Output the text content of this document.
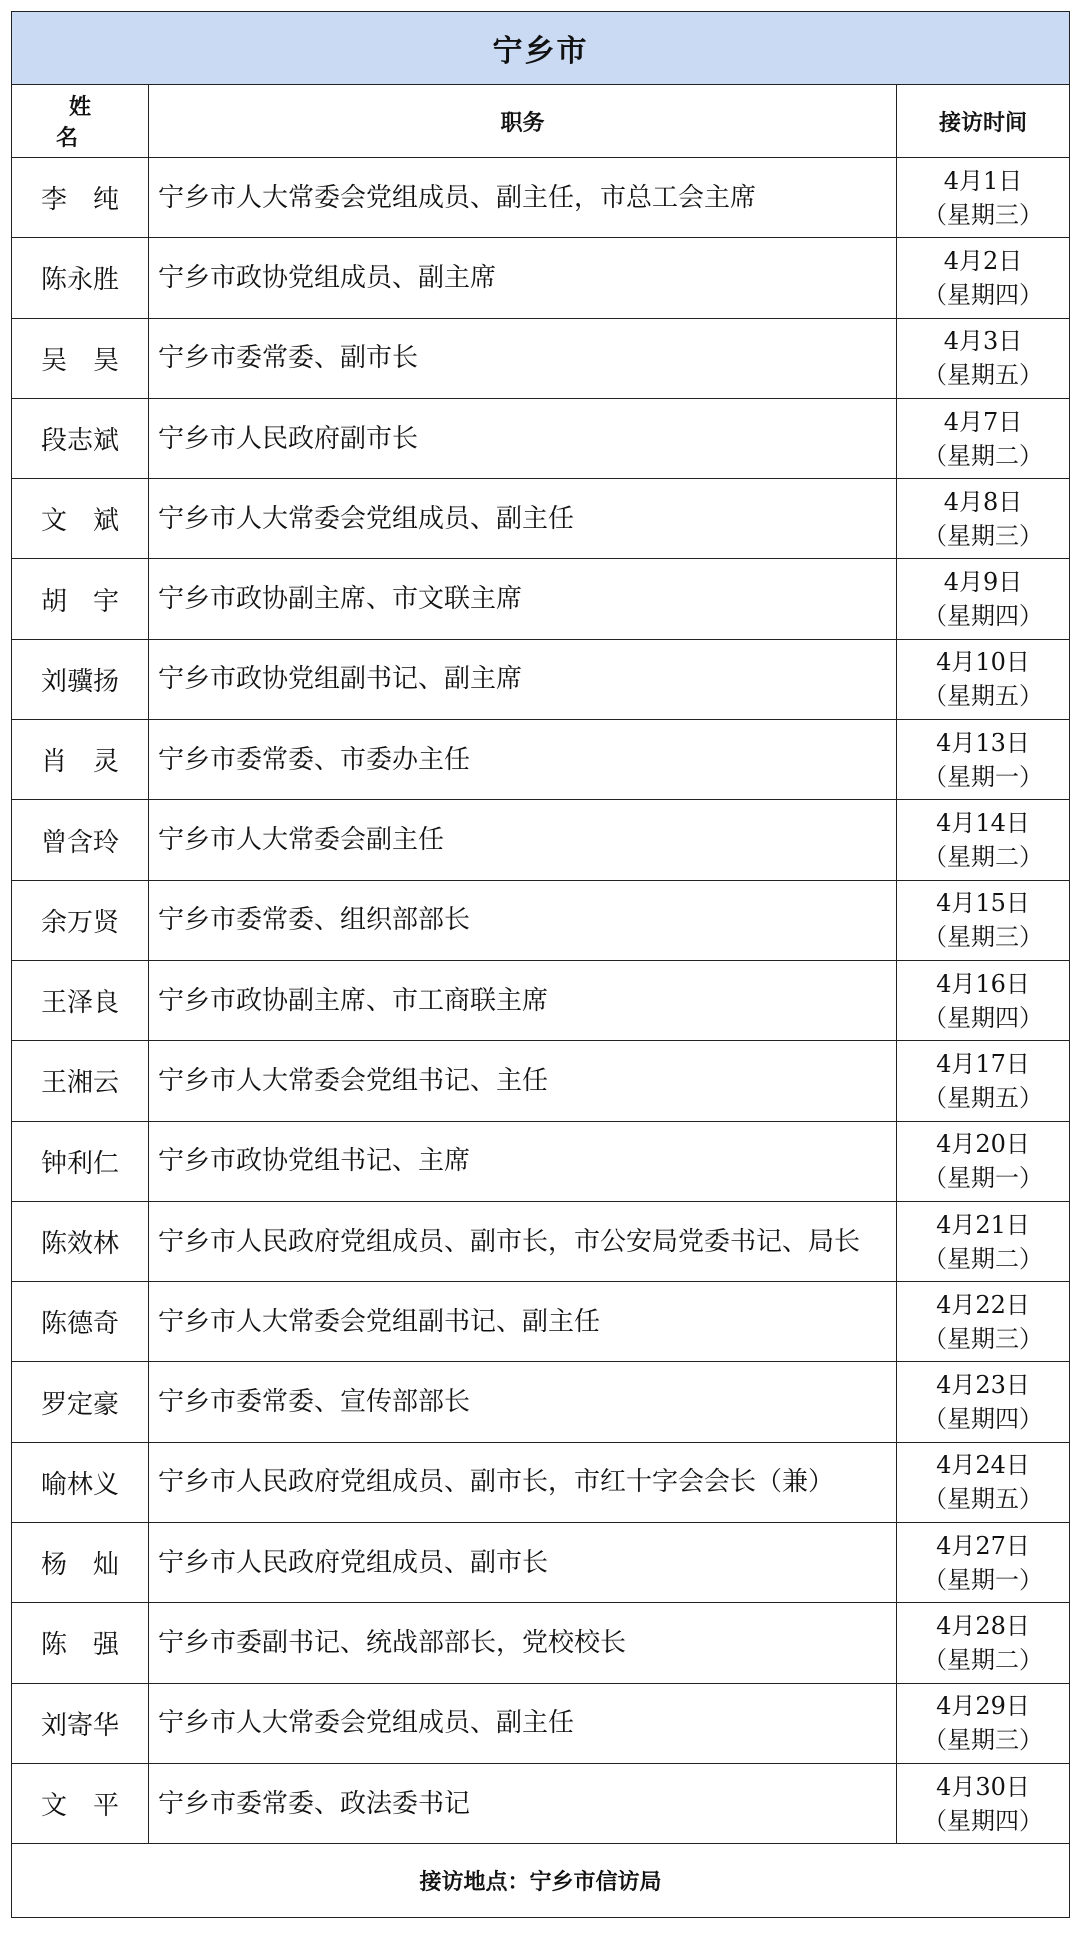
宁乡市		
姓 名	职务	接访时间
李　纯	宁乡市人大常委会党组成员、副主任，市总工会主席	4月1日
（星期三）

陈永胜	宁乡市政协党组成员、副主席	4月2日
（星期四）

吴　昊	宁乡市委常委、副市长	4月3日
（星期五）

段志斌	宁乡市人民政府副市长	4月7日
（星期二）

文　斌	宁乡市人大常委会党组成员、副主任	4月8日
（星期三）

胡　宇	宁乡市政协副主席、市文联主席	4月9日
（星期四）

刘骥扬	宁乡市政协党组副书记、副主席	4月10日
（星期五）

肖　灵	宁乡市委常委、市委办主任	4月13日
（星期一）

曾含玲	宁乡市人大常委会副主任	4月14日
（星期二）

余万贤	宁乡市委常委、组织部部长	4月15日
（星期三）

王泽良	宁乡市政协副主席、市工商联主席	4月16日
（星期四）

王湘云	宁乡市人大常委会党组书记、主任	4月17日
（星期五）

钟利仁	宁乡市政协党组书记、主席	4月20日
（星期一）

陈效林	宁乡市人民政府党组成员、副市长，市公安局党委书记、局长	4月21日
（星期二）

陈德奇	宁乡市人大常委会党组副书记、副主任	4月22日
（星期三）

罗定豪	宁乡市委常委、宣传部部长	4月23日
（星期四）

喻林义	宁乡市人民政府党组成员、副市长，市红十字会会长（兼）	4月24日
（星期五）

杨　灿	宁乡市人民政府党组成员、副市长	4月27日
（星期一）

陈　强	宁乡市委副书记、统战部部长，党校校长	4月28日
（星期二）

刘寄华	宁乡市人大常委会党组成员、副主任	4月29日
（星期三）

文　平	宁乡市委常委、政法委书记	4月30日
（星期四）

接访地点：宁乡市信访局		
